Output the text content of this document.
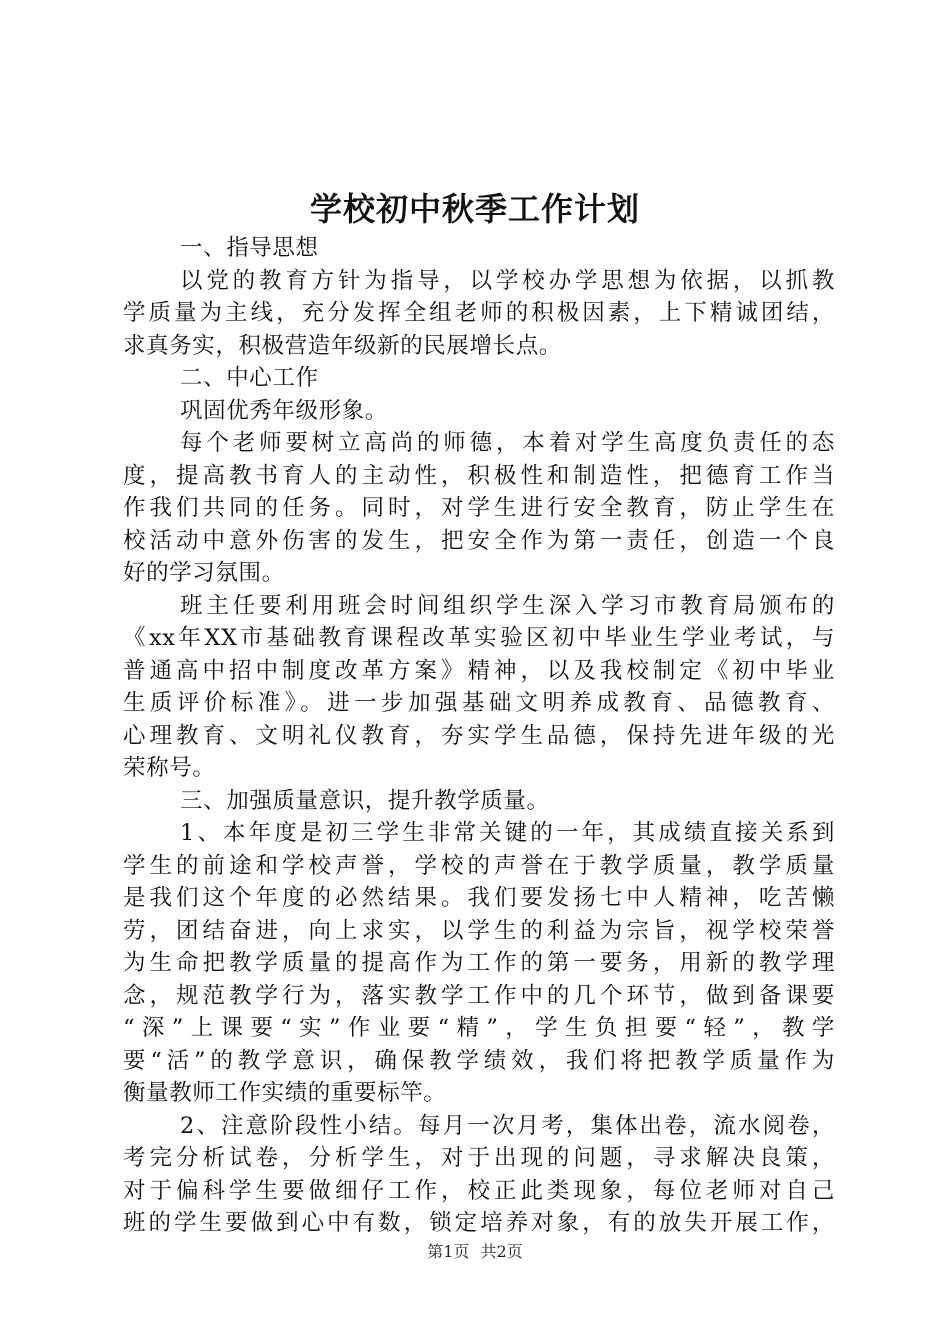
学校初中秋季工作计划
一、指导思想
以党的教育方针为指导，以学校办学思想为依据，以抓教
学质量为主线，充分发挥全组老师的积极因素，上下精诚团结，
求真务实，积极营造年级新的民展增长点。
二、中心工作
巩固优秀年级形象。
每个老师要树立高尚的师德，本着对学生高度负责任的态
度，提高教书育人的主动性，积极性和制造性，把德育工作当
作我们共同的任务。同时，对学生进行安全教育，防止学生在
校活动中意外伤害的发生，把安全作为第一责任，创造一个良
好的学习氛围。
班主任要利用班会时间组织学生深入学习市教育局颁布的
《xx年XX市基础教育课程改革实验区初中毕业生学业考试，与
普通高中招中制度改革方案》精神，以及我校制定《初中毕业
生质评价标准》。进一步加强基础文明养成教育、品德教育、
心理教育、文明礼仪教育，夯实学生品德，保持先进年级的光
荣称号。
三、加强质量意识，提升教学质量。
1、本年度是初三学生非常关键的一年，其成绩直接关系到
学生的前途和学校声誉，学校的声誉在于教学质量，教学质量
是我们这个年度的必然结果。我们要发扬七中人精神，吃苦懒
劳，团结奋进，向上求实，以学生的利益为宗旨，视学校荣誉
为生命把教学质量的提高作为工作的第一要务，用新的教学理
念，规范教学行为，落实教学工作中的几个环节，做到备课要
“深”上课要“实”作业要“精”，学生负担要“轻”，教学
要“活”的教学意识，确保教学绩效，我们将把教学质量作为
衡量教师工作实绩的重要标竿。
2、注意阶段性小结。每月一次月考，集体出卷，流水阅卷，
考完分析试卷，分析学生，对于出现的问题，寻求解决良策，
对于偏科学生要做细仔工作，校正此类现象，每位老师对自己
班的学生要做到心中有数，锁定培养对象，有的放失开展工作，
第1页 共2页
